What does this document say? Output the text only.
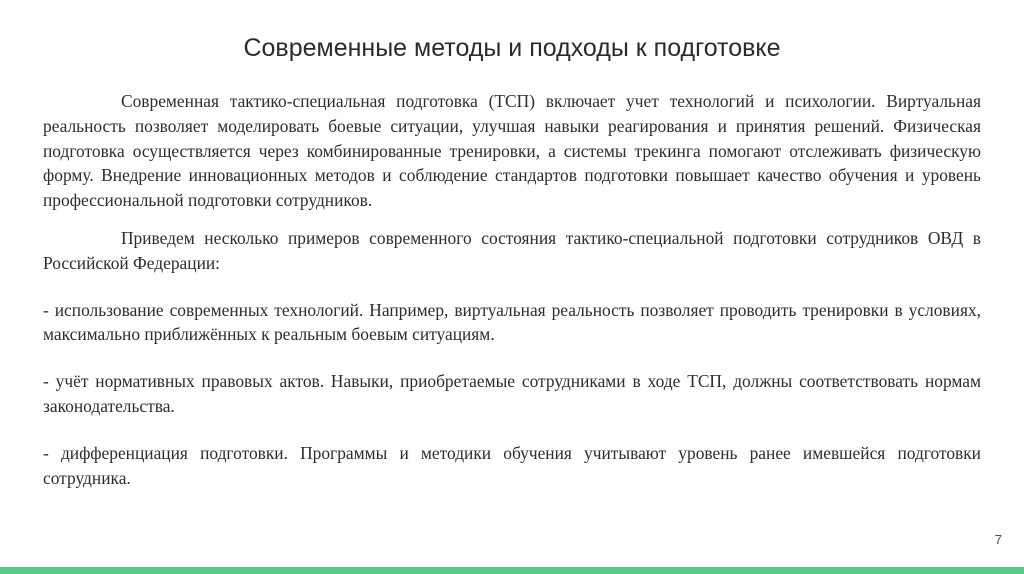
Современные методы и подходы к подготовке

Современная тактико-специальная подготовка (ТСП) включает учет технологий и психологии. Виртуальная реальность позволяет моделировать боевые ситуации, улучшая навыки реагирования и принятия решений. Физическая подготовка осуществляется через комбинированные тренировки, а системы трекинга помогают отслеживать физическую форму. Внедрение инновационных методов и соблюдение стандартов подготовки повышает качество обучения и уровень профессиональной подготовки сотрудников.

Приведем несколько примеров современного состояния тактико-специальной подготовки сотрудников ОВД в Российской Федерации:

- использование современных технологий. Например, виртуальная реальность позволяет проводить тренировки в условиях, максимально приближённых к реальным боевым ситуациям.

- учёт нормативных правовых актов. Навыки, приобретаемые сотрудниками в ходе ТСП, должны соответствовать нормам законодательства.

- дифференциация подготовки. Программы и методики обучения учитывают уровень ранее имевшейся подготовки сотрудника.

7
